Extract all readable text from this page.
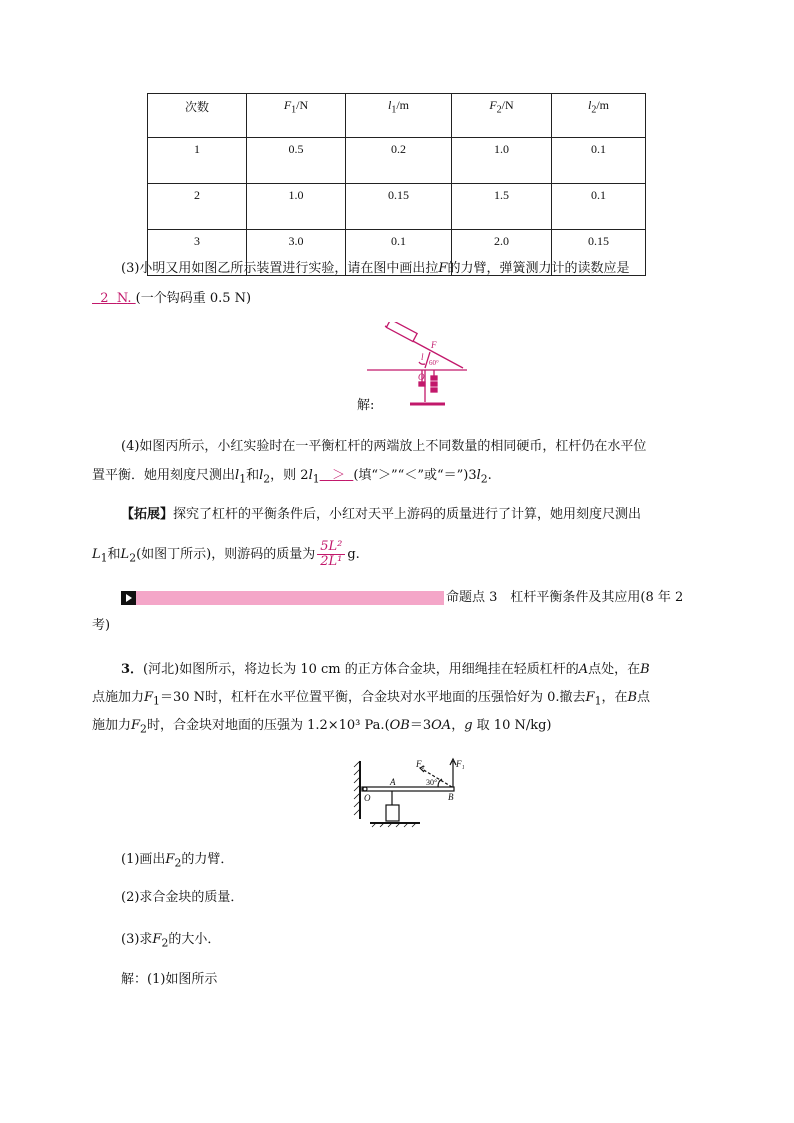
次数	$F_1/N$	$l_1/m$	$F_2/N$	$l_2/m$
1	0.5	0.2	1.0	0.1
2	1.0	0.15	1.5	0.1
3	3.0	0.1	2.0	0.15
(3)小明又用如图乙所示装置进行实验，请在图中画出拉F的力臂，弹簧测力计的读数应是
2 N. (一个钩码重 0.5 N)
F
l
60°
O
解:
(4)如图丙所示，小红实验时在一平衡杠杆的两端放上不同数量的相同硬币，杠杆仍在水平位
置平衡．她用刻度尺测出$l_1$和$l_2$，则 $2l_1$ ＞ (填“＞”“＜”或“$=”)3l_2$.
【拓展】探究了杠杆的平衡条件后，小红对天平上游码的质量进行了计算，她用刻度尺测出
$L_1$和$L_2$(如图丁所示)，则游码的质量为 $\frac{\text{5L²}}{\text{2L¹}} g$.
命题点 3　杠杆平衡条件及其应用(8 年 2
考)
3．(河北)如图所示，将边长为 10 cm 的正方体合金块，用细绳挂在轻质杠杆的A点处，在B
点施加力$F_1=30$ N时，杠杆在水平位置平衡，合金块对水平地面的压强恰好为 0.撤去$F_1$，在B点
施加力$F_2$时，合金块对地面的压强为 1.2×10³ Pa.(OB＝3OA，g 取 10 N/kg)
F₂	F₁
A
B
O
30°
(1)画出$F_2$的力臂．
(2)求合金块的质量．
(3)求$F_2$的大小．
解：(1)如图所示
